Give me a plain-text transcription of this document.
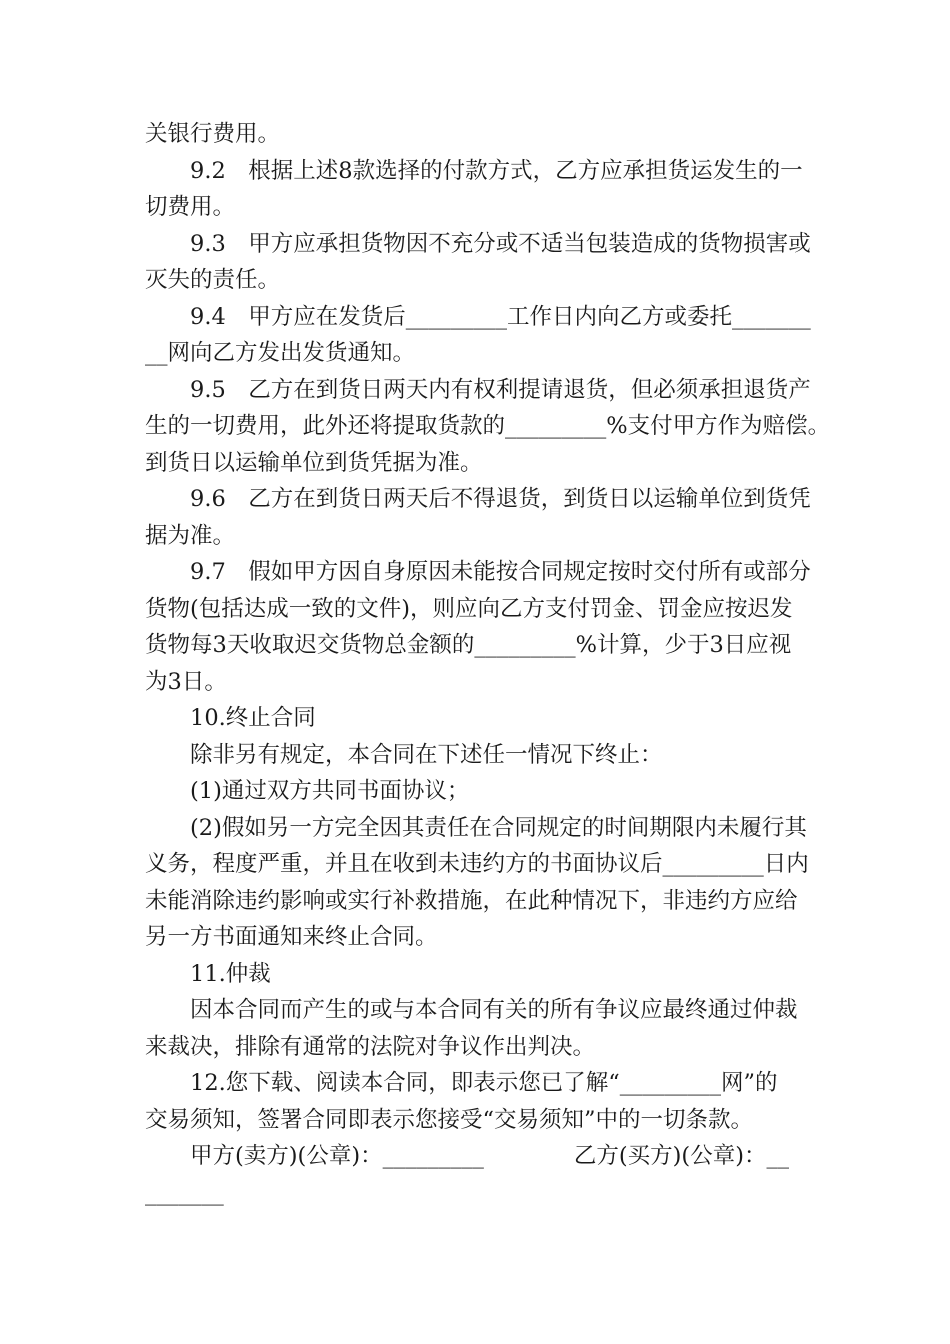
关银行费用。
9.2　根据上述8款选择的付款方式，乙方应承担货运发生的一
切费用。
9.3　甲方应承担货物因不充分或不适当包装造成的货物损害或
灭失的责任。
9.4　甲方应在发货后_________工作日内向乙方或委托_______
__网向乙方发出发货通知。
9.5　乙方在到货日两天内有权利提请退货，但必须承担退货产
生的一切费用，此外还将提取货款的_________%支付甲方作为赔偿。
到货日以运输单位到货凭据为准。
9.6　乙方在到货日两天后不得退货，到货日以运输单位到货凭
据为准。
9.7　假如甲方因自身原因未能按合同规定按时交付所有或部分
货物(包括达成一致的文件)，则应向乙方支付罚金、罚金应按迟发
货物每3天收取迟交货物总金额的_________%计算，少于3日应视
为3日。
10.终止合同
除非另有规定，本合同在下述任一情况下终止：
(1)通过双方共同书面协议；
(2)假如另一方完全因其责任在合同规定的时间期限内未履行其
义务，程度严重，并且在收到未违约方的书面协议后_________日内
未能消除违约影响或实行补救措施，在此种情况下，非违约方应给
另一方书面通知来终止合同。
11.仲裁
因本合同而产生的或与本合同有关的所有争议应最终通过仲裁
来裁决，排除有通常的法院对争议作出判决。
12.您下载、阅读本合同，即表示您已了解“_________网”的
交易须知，签署合同即表示您接受“交易须知”中的一切条款。
甲方(卖方)(公章)：_________　　　　乙方(买方)(公章)：__
_______
